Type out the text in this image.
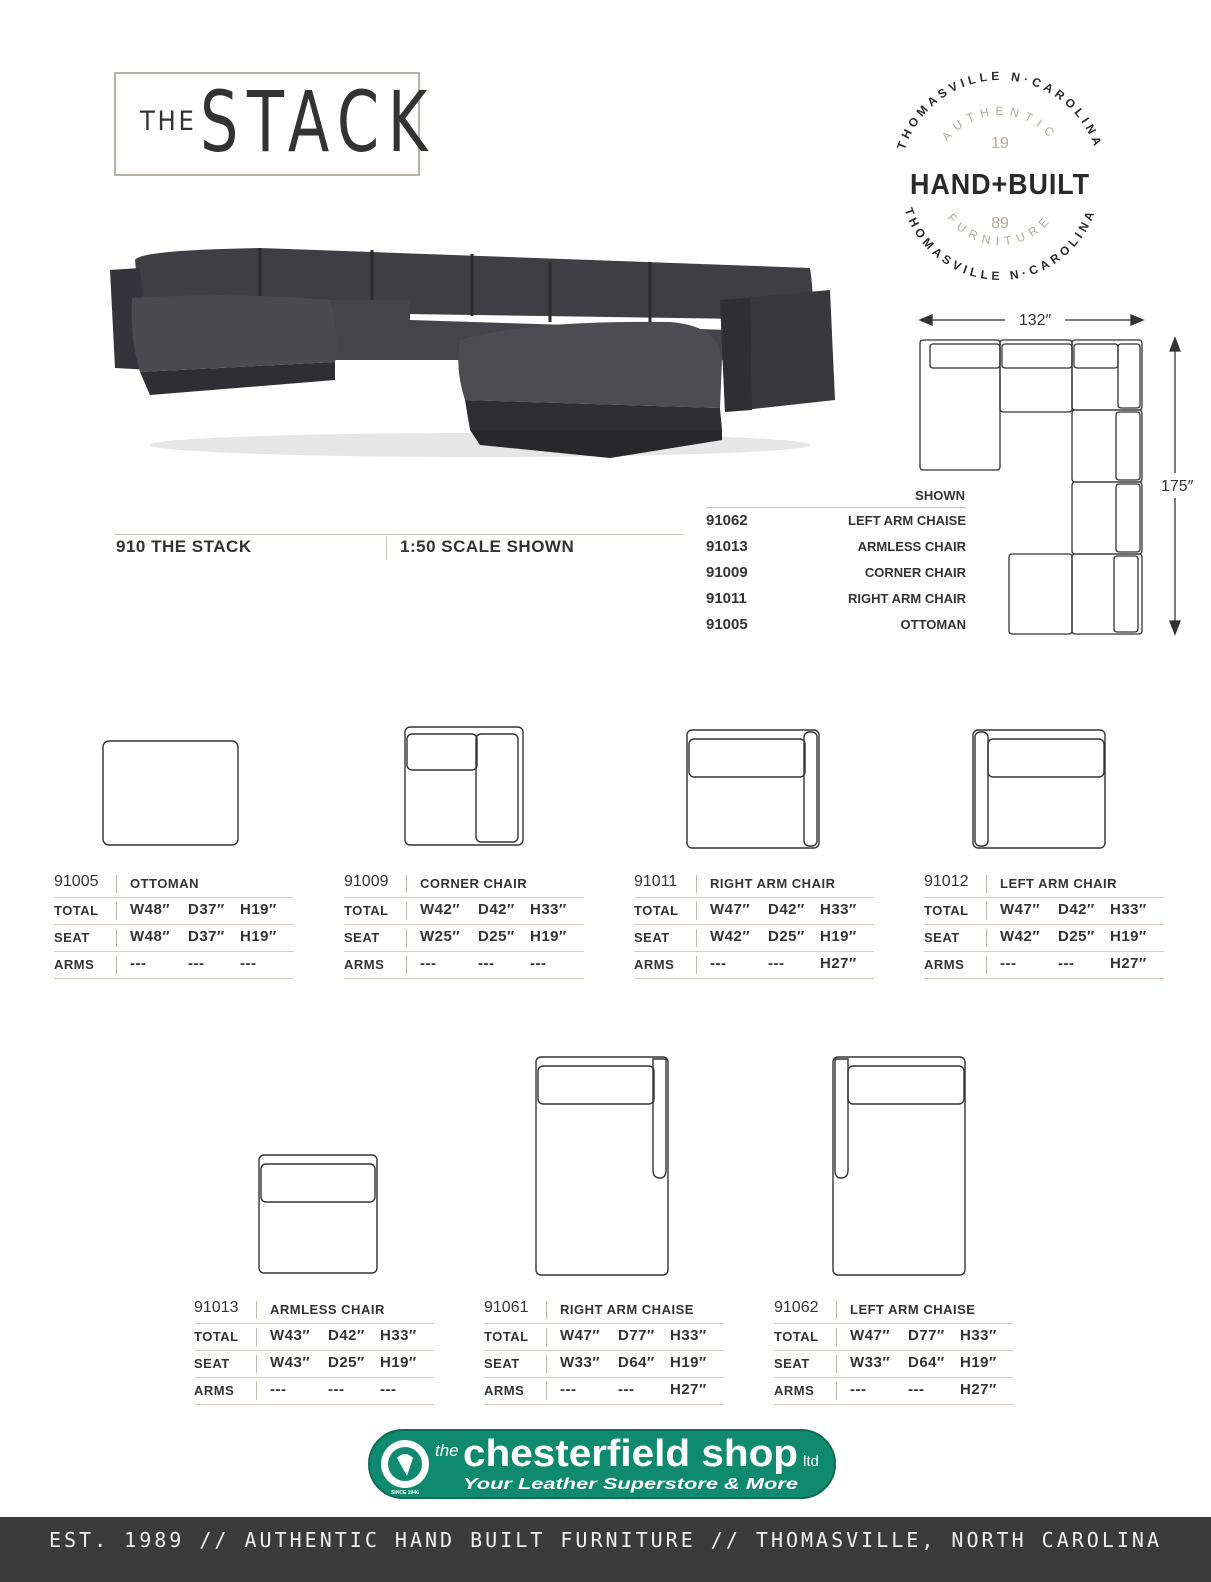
THE STACK	THOMASVILLE N·CAROLINA
THOMASVILLE N·CAROLINA
AUTHENTIC
FURNITURE
19
89
HAND+BUILT
132″
175″
910 THE STACK	1:50 SCALE SHOWN
SHOWN
91062	LEFT ARM CHAISE
91013	ARMLESS CHAIR
91009	CORNER CHAIR
91011	RIGHT ARM CHAIR
91005	OTTOMAN
91005 OTTOMAN
TOTAL W48″ D37″ H19″
SEAT	W48″ D37″ H19″
ARMS ---	--- ---
91009 CORNER CHAIR
TOTAL W42″ D42″ H33″
SEAT	W25″ D25″ H19″
ARMS ---	--- ---
91011	RIGHT ARM CHAIR
TOTAL W47″ D42″ H33″
SEAT	W42″ D25″ H19″
ARMS ---	--- H27″
91012 LEFT ARM CHAIR
TOTAL W47″ D42″ H33″
SEAT	W42″ D25″ H19″
ARMS ---	--- H27″
91013 ARMLESS CHAIR
TOTAL W43″ D42″ H33″
SEAT	W43″ D25″ H19″
ARMS ---	--- ---
91061 RIGHT ARM CHAISE
TOTAL W47″ D77″ H33″
SEAT	W33″ D64″ H19″
ARMS ---	--- H27″
91062 LEFT ARM CHAISE
TOTAL W47″ D77″ H33″
SEAT	W33″ D64″ H19″
ARMS ---	--- H27″
SINCE 1946
the chesterfield shop ltd
Your Leather Superstore & More
EST. 1989 // AUTHENTIC HAND BUILT FURNITURE // THOMASVILLE, NORTH CAROLINA
